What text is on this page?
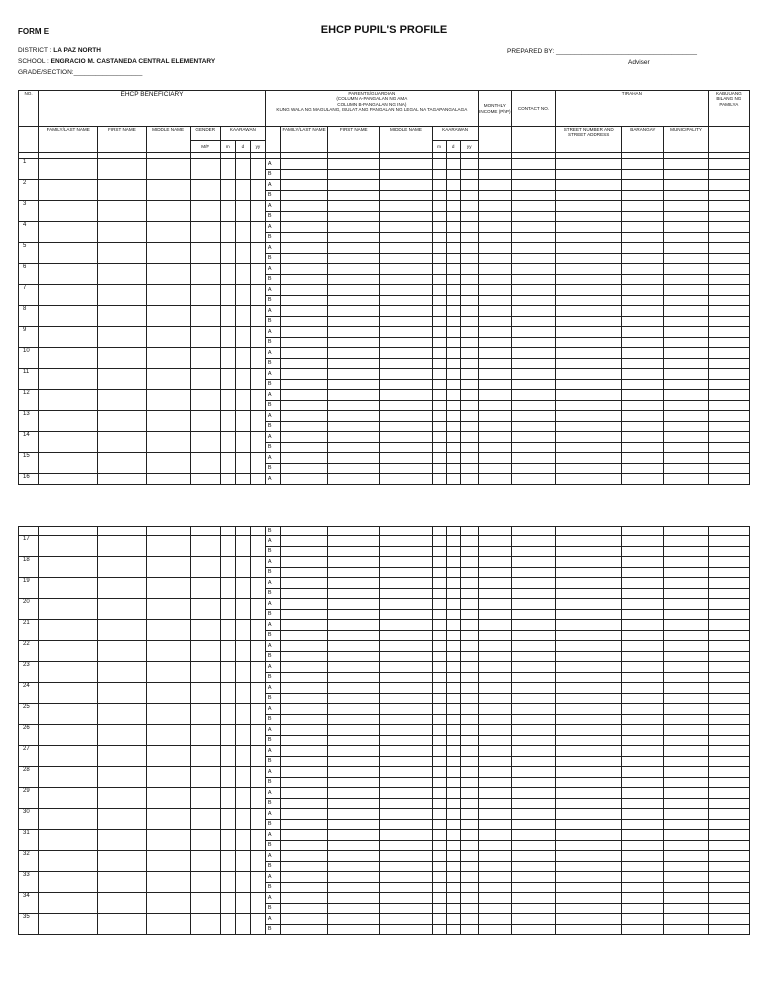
FORM E	EHCP PUPIL'S PROFILE
DISTRICT : LA PAZ NORTH
SCHOOL : ENGRACIO M. CASTANEDA CENTRAL ELEMENTARY
GRADE/SECTION:___________________
PREPARED BY: _______________________________________
Adviser
NO.	EHCP BENEFICIARY							PARENTS/GUARDIAN
(COLUMN A-PANGALAN NG AMA
COLUMN B-PANGALAN NG INA)
KUNG WALA NG MAGULANG, ISULAT ANG PANGALAN NG LEGAL NA TAGAPANGALAGA							MONTHLY INCOME (PhP)	CONTACT NO.	TIRAHAN			KABUUANG BILANG NG PAMILYA
	FAMILY/LAST NAME	FIRST NAME	MIDDLE NAME	GENDER	KAARAWAN				FAMILY/LAST NAME	FIRST NAME	MIDDLE NAME	KAARAWAN					STREET NUMBER AND STREET ADDRESS	BARANGAY	MUNICIPALITY	
				M/F	m	d	yy					m	d	yy						

1								A												
								B												
2								A												
								B												
3								A												
								B												
4								A												
								B												
5								A												
								B												
6								A												
								B												
7								A												
								B												
8								A												
								B												
9								A												
								B												
10								A												
								B												
11								A												
								B												
12								A												
								B												
13								A												
								B												
14								A												
								B												
15								A												
								B												
16								A												
								B												
17								A												
								B												
18								A												
								B												
19								A												
								B												
20								A												
								B												
21								A												
								B												
22								A												
								B												
23								A												
								B												
24								A												
								B												
25								A												
								B												
26								A												
								B												
27								A												
								B												
28								A												
								B												
29								A												
								B												
30								A												
								B												
31								A												
								B												
32								A												
								B												
33								A												
								B												
34								A												
								B												
35								A												
								B												
